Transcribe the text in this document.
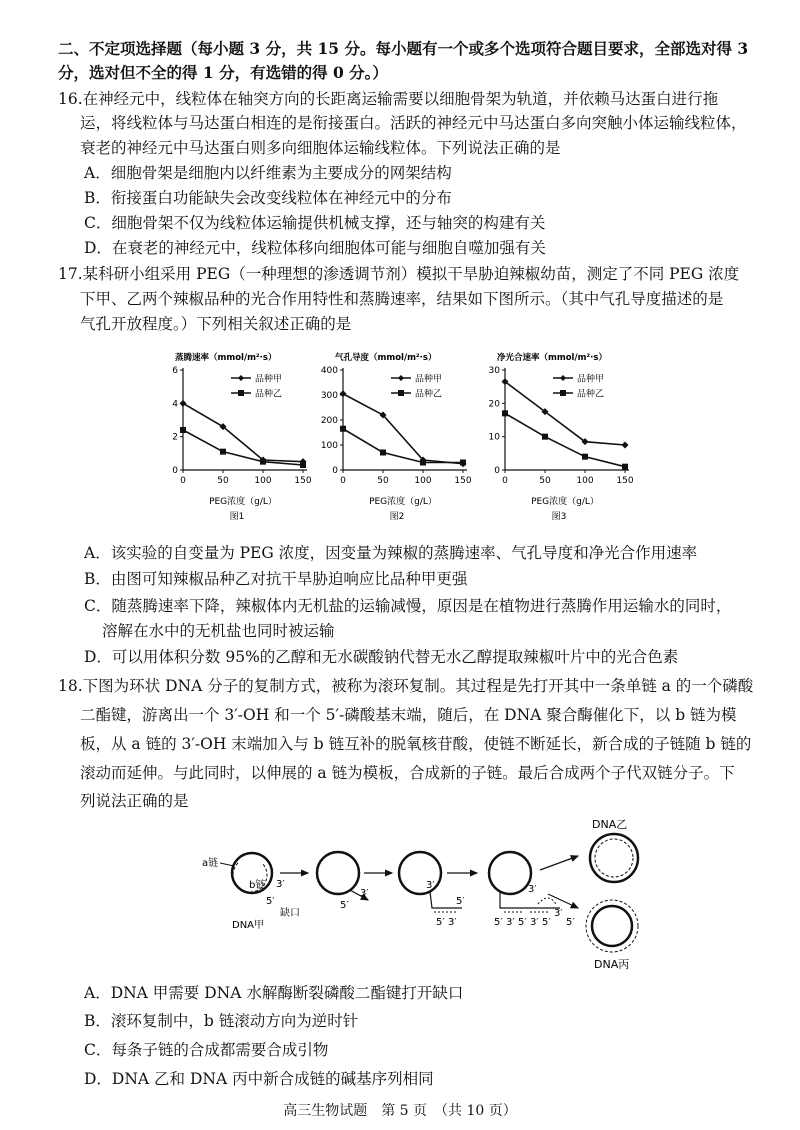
二、不定项选择题（每小题 3 分，共 15 分。每小题有一个或多个选项符合题目要求，全部选对得 3
分，选对但不全的得 1 分，有选错的得 0 分。）
16.在神经元中，线粒体在轴突方向的长距离运输需要以细胞骨架为轨道，并依赖马达蛋白进行拖
运，将线粒体与马达蛋白相连的是衔接蛋白。活跃的神经元中马达蛋白多向突触小体运输线粒体，
衰老的神经元中马达蛋白则多向细胞体运输线粒体。下列说法正确的是
A．细胞骨架是细胞内以纤维素为主要成分的网架结构
B．衔接蛋白功能缺失会改变线粒体在神经元中的分布
C．细胞骨架不仅为线粒体运输提供机械支撑，还与轴突的构建有关
D．在衰老的神经元中，线粒体移向细胞体可能与细胞自噬加强有关
17.某科研小组采用 PEG（一种理想的渗透调节剂）模拟干旱胁迫辣椒幼苗，测定了不同 PEG 浓度
下甲、乙两个辣椒品种的光合作用特性和蒸腾速率，结果如下图所示。（其中气孔导度描述的是
气孔开放程度。）下列相关叙述正确的是
蒸腾速率（mmol/m²·s）
0
2
4
6
0	50	100	150
PEG浓度（g/L）
图1
品种甲
品种乙
气孔导度（mmol/m²·s）
0
100
200
300
400
0	50	100	150
PEG浓度（g/L）
图2
品种甲
品种乙
净光合速率（mmol/m²·s）
0
10
20
30
0	50	100	150
PEG浓度（g/L）
图3
品种甲
品种乙
A．该实验的自变量为 PEG 浓度，因变量为辣椒的蒸腾速率、气孔导度和净光合作用速率
B．由图可知辣椒品种乙对抗干旱胁迫响应比品种甲更强
C．随蒸腾速率下降，辣椒体内无机盐的运输减慢，原因是在植物进行蒸腾作用运输水的同时，
溶解在水中的无机盐也同时被运输
D．可以用体积分数 95%的乙醇和无水碳酸钠代替无水乙醇提取辣椒叶片中的光合色素
18.下图为环状 DNA 分子的复制方式，被称为滚环复制。其过程是先打开其中一条单链 a 的一个磷酸
二酯键，游离出一个 3′-OH 和一个 5′-磷酸基末端，随后，在 DNA 聚合酶催化下，以 b 链为模
板，从 a 链的 3′-OH 末端加入与 b 链互补的脱氧核苷酸，使链不断延长，新合成的子链随 b 链的
滚动而延伸。与此同时，以伸展的 a 链为模板，合成新的子链。最后合成两个子代双链分子。下
列说法正确的是
a链
b链 3′
5′
缺口
DNA甲
5′
3′
3′
5′
5′ 3′
3′
5′ 3′ 5′ 3′ 5′
3′
5′
DNA乙
DNA丙
A．DNA 甲需要 DNA 水解酶断裂磷酸二酯键打开缺口
B．滚环复制中，b 链滚动方向为逆时针
C．每条子链的合成都需要合成引物
D．DNA 乙和 DNA 丙中新合成链的碱基序列相同
高三生物试题　第 5 页　（共 10 页）
